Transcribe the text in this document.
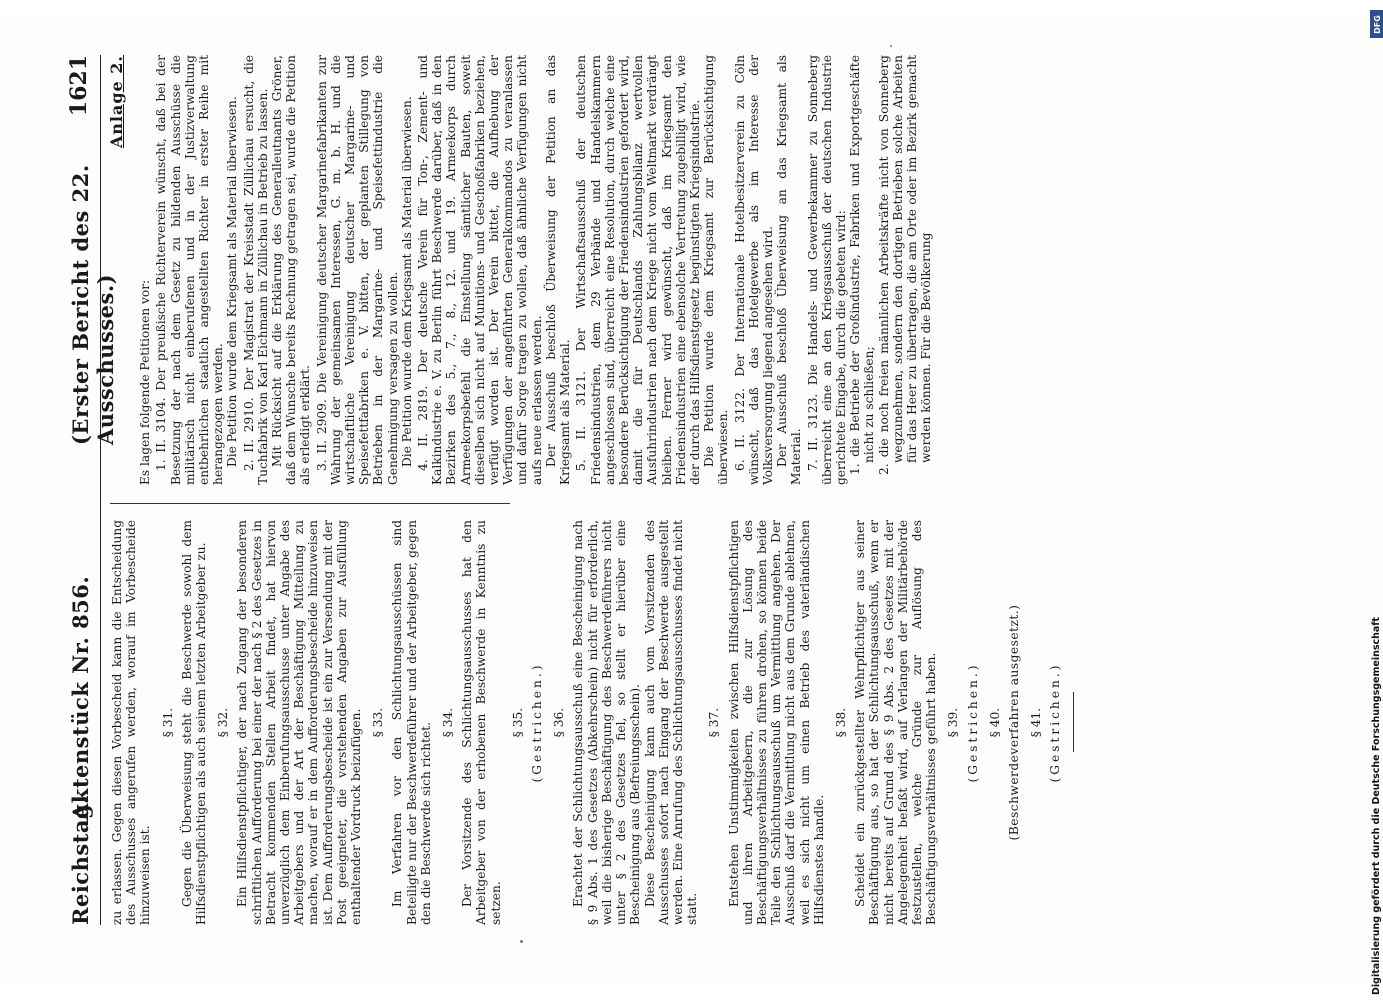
Reichstag.
Aktenstück Nr. 856.
(Erster Bericht des 22. Ausschusses.)
1621

zu erlassen. Gegen diesen Vorbescheid kann die Entscheidung des Ausschusses angerufen werden, worauf im Vorbescheide hinzuweisen ist.

§ 31. Gegen die Überweisung steht die Beschwerde sowohl dem Hilfsdienstpflichtigen als auch seinem letzten Arbeitgeber zu. § 32. Ein Hilfsdienstpflichtiger, der nach Zugang der besonderen schriftlichen Aufforderung bei einer der nach § 2 des Gesetzes in Betracht kommenden Stellen Arbeit findet, hat hiervon unverzüglich dem Einberufungsausschusse unter Angabe des Arbeitgebers und der Art der Beschäftigung Mitteilung zu machen, worauf er in dem Aufforderungsbescheide hinzuweisen ist. Dem Aufforderungsbescheide ist ein zur Versendung mit der Post geeigneter, die vorstehenden Angaben zur Ausfüllung enthaltender Vordruck beizufügen. § 33. Im Verfahren vor den Schlichtungsausschüssen sind Beteiligte nur der Beschwerdeführer und der Arbeitgeber, gegen den die Beschwerde sich richtet. § 34. Der Vorsitzende des Schlichtungsausschusses hat den Arbeitgeber von der erhobenen Beschwerde in Kenntnis zu setzen.

§ 35. (Gestrichen.) § 36. Erachtet der Schlichtungsausschuß eine Bescheinigung nach § 9 Abs. 1 des Gesetzes (Abkehrschein) nicht für erforderlich, weil die bisherige Beschäftigung des Beschwerdeführers nicht unter § 2 des Gesetzes fiel, so stellt er hierüber eine Bescheinigung aus (Befreiungsschein). Diese Bescheinigung kann auch vom Vorsitzenden des Ausschusses sofort nach Eingang der Beschwerde ausgestellt werden. Eine Anrufung des Schlichtungsausschusses findet nicht statt.

§ 37. Entstehen Unstimmigkeiten zwischen Hilfsdienstpflichtigen und ihren Arbeitgebern, die zur Lösung des Beschäftigungsverhältnisses zu führen drohen, so können beide Teile den Schlichtungsausschuß um Vermittlung angehen. Der Ausschuß darf die Vermittlung nicht aus dem Grunde ablehnen, weil es sich nicht um einen Betrieb des vaterländischen Hilfsdienstes handle.

§ 38. Scheidet ein zurückgestellter Wehrpflichtiger aus seiner Beschäftigung aus, so hat der Schlichtungsausschuß, wenn er nicht bereits auf Grund des § 9 Abs. 2 des Gesetzes mit der Angelegenheit befaßt wird, auf Verlangen der Militärbehörde festzustellen, welche Gründe zur Auflösung des Beschäftigungsverhältnisses geführt haben. § 39. (Gestrichen.) § 40. (Beschwerdeverfahren ausgesetzt.) § 41. (Gestrichen.)
Anlage 2.

Es lagen folgende Petitionen vor: 1. II. 3104. Der preußische Richterverein wünscht, daß bei der Besetzung der nach dem Gesetz zu bildenden Ausschüsse die militärisch nicht einberufenen und in der Justizverwaltung entbehrlichen staatlich angestellten Richter in erster Reihe mit herangezogen werden. Die Petition wurde dem Kriegsamt als Material überwiesen. 2. II. 2910. Der Magistrat der Kreisstadt Züllichau ersucht, die Tuchfabrik von Karl Eichmann in Züllichau in Betrieb zu lassen. Mit Rücksicht auf die Erklärung des Generalleutnants Gröner, daß dem Wunsche bereits Rechnung getragen sei, wurde die Petition als erledigt erklärt. 3. II. 2909. Die Vereinigung deutscher Margarinefabrikanten zur Wahrung der gemeinsamen Interessen, G. m. b. H. und die wirtschaftliche Vereinigung deutscher Margarine- und Speisefettfabriken e. V. bitten, der geplanten Stillegung von Betrieben in der Margarine- und Speisefettindustrie die Genehmigung versagen zu wollen. Die Petition wurde dem Kriegsamt als Material überwiesen. 4. II. 2819. Der deutsche Verein für Ton-, Zement- und Kalkindustrie e. V. zu Berlin führt Beschwerde darüber, daß in den Bezirken des 5., 7., 8., 12. und 19. Armeekorps durch Armeekorpsbefehl die Einstellung sämtlicher Bauten, soweit dieselben sich nicht auf Munitions- und Geschoßfabriken beziehen, verfügt worden ist. Der Verein bittet, die Aufhebung der Verfügungen der angeführten Generalkommandos zu veranlassen und dafür Sorge tragen zu wollen, daß ähnliche Verfügungen nicht aufs neue erlassen werden. Der Ausschuß beschloß Überweisung der Petition an das Kriegsamt als Material. 5. II. 3121. Der Wirtschaftsausschuß der deutschen Friedensindustrien, dem 29 Verbände und Handelskammern angeschlossen sind, überreicht eine Resolution, durch welche eine besondere Berücksichtigung der Friedensindustrien gefordert wird, damit die für Deutschlands Zahlungsbilanz wertvollen Ausfuhrindustrien nach dem Kriege nicht vom Weltmarkt verdrängt bleiben. Ferner wird gewünscht, daß im Kriegsamt den Friedensindustrien eine ebensolche Vertretung zugebilligt wird, wie der durch das Hilfsdienstgesetz begünstigten Kriegsindustrie. Die Petition wurde dem Kriegsamt zur Berücksichtigung überwiesen. 6. II. 3122. Der Internationale Hotelbesitzerverein zu Cöln wünscht, daß das Hotelgewerbe als im Interesse der Volksversorgung liegend angesehen wird. Der Ausschuß beschloß Überweisung an das Kriegsamt als Material. 7. II. 3123. Die Handels- und Gewerbekammer zu Sonneberg überreicht eine an den Kriegsausschuß der deutschen Industrie gerichtete Eingabe, durch die gebeten wird: 1. die Betriebe der Großindustrie, Fabriken und Exportgeschäfte nicht zu schließen; 2. die noch freien männlichen Arbeitskräfte nicht von Sonneberg wegzunehmen, sondern den dortigen Betrieben solche Arbeiten für das Heer zu übertragen, die am Orte oder im Bezirk gemacht werden können. Für die Bevölkerung

DFG
Digitalisierung gefördert durch die Deutsche Forschungsgemeinschaft
